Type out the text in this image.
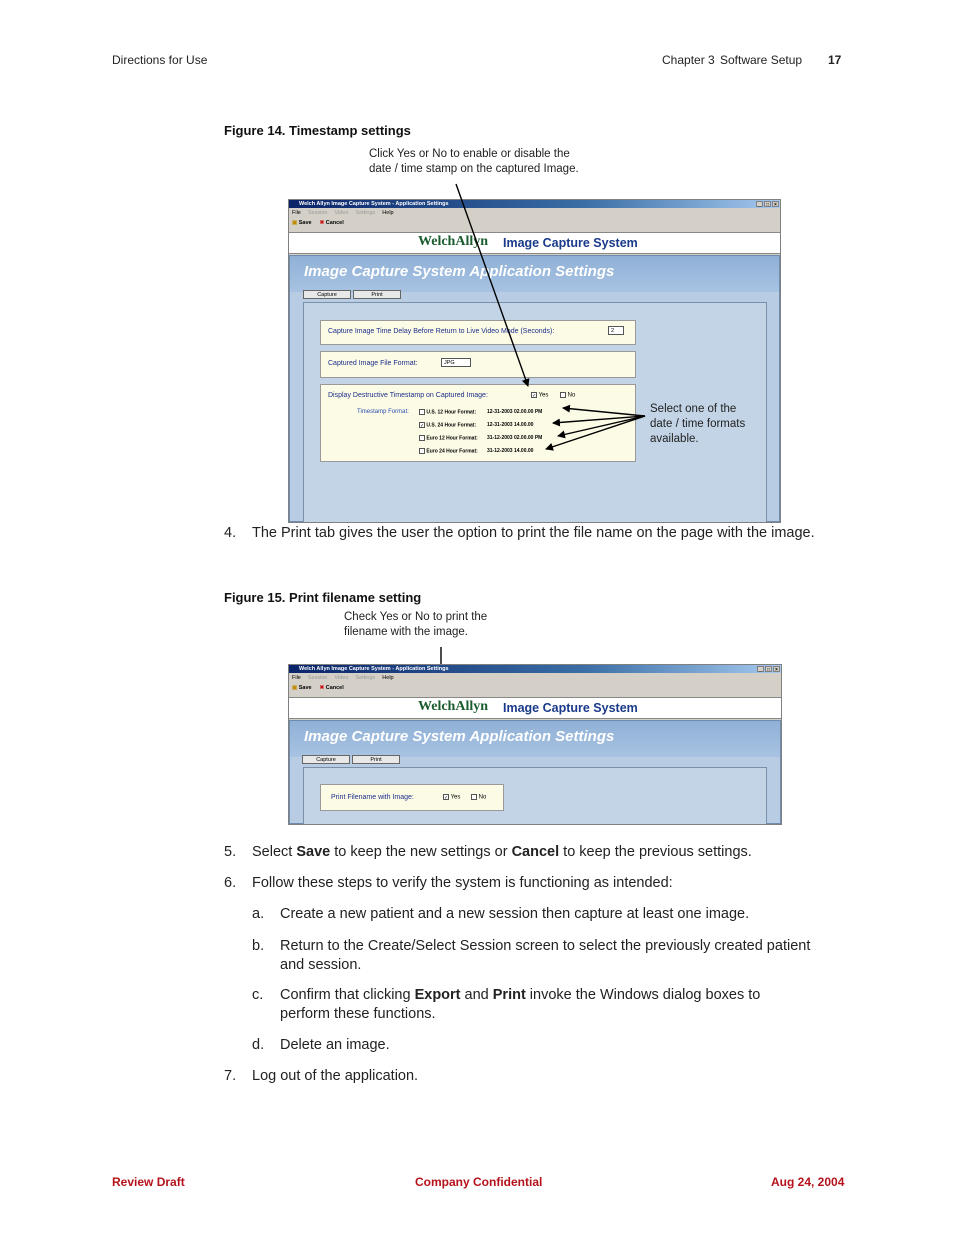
Directions for Use	Chapter 3 Software Setup 17
Figure 14. Timestamp settings
Click Yes or No to enable or disable the
date / time stamp on the captured Image.
Welch Allyn Image Capture System - Application Settings	_	□	×
File Session Video Settings Help
▣ Save ✖ Cancel
WelchAllyn Image Capture System
Image Capture System Application Settings
Capture	Print
Capture Image Time Delay Before Return to Live Video Mode (Seconds):	2
Captured Image File Format:	JPG
Display Destructive Timestamp on Captured Image:	✓ Yes	No
Timestamp Format:	U.S. 12 Hour Format: 12-31-2003 02.00.00 PM
✓ U.S. 24 Hour Format: 12-31-2003 14.00.00
Euro 12 Hour Format: 31-12-2003 02.00.00 PM
Euro 24 Hour Format: 31-12-2003 14.00.00
Select one of the
date / time formats
available.
4. The Print tab gives the user the option to print the file name on the page with the image.
Figure 15. Print filename setting
Check Yes or No to print the
filename with the image.
Welch Allyn Image Capture System - Application Settings	_	□	×
File Session Video Settings Help
▣ Save ✖ Cancel
WelchAllyn Image Capture System
Image Capture System Application Settings
Capture	Print
Print Filename with Image:	✓ Yes	No
5. Select Save to keep the new settings or Cancel to keep the previous settings.
6. Follow these steps to verify the system is functioning as intended:
a. Create a new patient and a new session then capture at least one image.
b. Return to the Create/Select Session screen to select the previously created patient and session.
c. Confirm that clicking Export and Print invoke the Windows dialog boxes to perform these functions.
d. Delete an image.
7. Log out of the application.
Review Draft	Company Confidential	Aug 24, 2004
